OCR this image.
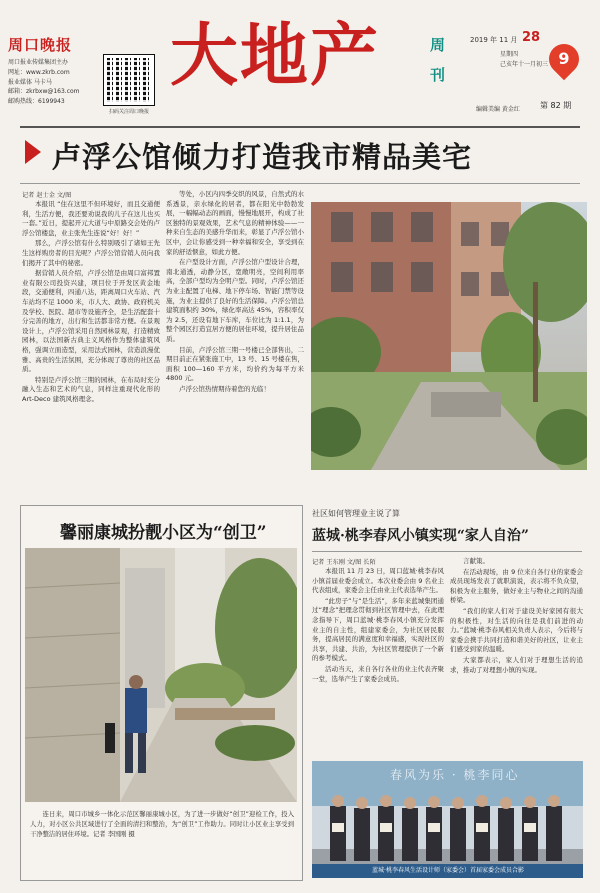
周口晚报
周口报业传媒集团主办
网址：www.zkrb.com
报业媒体 马卡马
邮箱：zkrbxw@163.com
邮购热线：6199943
扫码关注周口晚报
大地产	周刊
2019 年 11 月 28
星期四
己亥年十一月初三 9
编辑美编 黄金红	第 82 期
卢浮公馆倾力打造我市精品美宅
记者 赵士金 文/图

本报讯 “住在这里不但环境好，而且交通便利，生活方便，我还要劝说我的儿子在这儿也买一套。”近日，提起开元大道与中原路交会处的卢浮公馆楼盘，业主张先生连说“好！好！”

那么，卢浮公馆有什么特别吸引了诸如王先生这样购房者的目光呢？卢浮公馆营销人员向我们揭开了其中的秘密。

据营销人员介绍，卢浮公馆是由周口富邦置业有限公司投资兴建，项目位于开发区黄金地段，交通便利，四通八达，距离周口火车站、汽车站均不足 1000 米，市人大、政协、政府机关及学校、医院、超市等设施齐全，是生活配套十分完善的地方，出行和生活都非常方便。在景观设计上，卢浮公馆采用自然园林景观，打造精致园林，以法国新古典主义风格作为整体建筑风格，强调立面造型，采用法式园林，营造浪漫优雅、高贵的生活氛围，充分体现了尊贵的社区品质。

特别是卢浮公馆三期的园林，在布局时充分融入生态和艺术的气息，同样注重现代化形的 Art-Deco 建筑风格理念。

等处，小区内四季交织的风景，自然式的水系透景，亲水绿化的居者，都在阳光中勃勃发展，一幅幅动态的画面，慢慢地展开，构成了社区独特的景观效果，艺术气息的精神体验——一种来自生态的美感升华而来，彰显了卢浮公馆小区中，会让你感受到一种幸福和安全，享受到在家的舒适惬意，如此方便。

在户型设计方面，卢浮公馆户型设计合理，南北通透，动静分区，宽敞明亮，空间利用率高，全部户型均为全明户型。同时，卢浮公馆还为业主配置了电梯、地下停车场、智能门禁等设施，为业主提供了良好的生活保障。卢浮公馆总建筑面积约 30%，绿化率高达 45%，容积率仅为 2.5，还设有地下车库，车位比为 1:1.1，为整个园区打造宜居方便的居住环境，提升居住品质。

目前，卢浮公馆三期一号楼已全部售出，二期目前正在紧张施工中，13 号、15 号楼在售，面积 100—160 平方米，均价约为每平方米 4800 元。

卢浮公馆热情期待着您的光临！

馨丽康城扮靓小区为“创卫”

连日来，周口市城乡一体化示范区馨丽康城小区，为了进一步做好“创卫”迎检工作，投入人力，对小区公共区域进行了全面的清扫和整治，为“创卫”工作助力。同时让小区业主享受到干净整洁的居住环境。记者 李国刚 摄

社区如何管理业主说了算
蓝城·桃李春风小镇实现“家人自治”
记者 王东刚 文/图 长陌

本报讯 11 月 23 日，周口蓝城·桃李春风小镇首届业委会成立。本次业委会由 9 名业主代表组成，家委会主任由业主代表选举产生。

“此房子”与“是生活”，多年来蓝城集团通过“理念”把理念贯彻到社区管理中去，在此理念指导下，周口蓝城·桃李春风小镇充分发挥业主的自主性，组建家委会，为社区居民服务，提高居民的满意度和幸福感，实现社区的共享，共建、共治，为社区管理提供了一个新的参考模式。

活动当天，来自各行各业的业主代表齐聚一堂，选举产生了家委会成员。

言献策。

在活动现场，由 9 位来自各行业的家委会成员现场发表了就职演说，表示将不负众望，积极为业主服务，做好业主与物业之间的沟通桥梁。

“我们的家人们对于建设美好家园有很大的积极性，对生活的向往是我们前进的动力。”蓝城·桃李春风相关负责人表示，今后将与家委会携手共同打造和谐美好的社区，让业主们感受到家的温暖。

大家都表示，家人们对于理想生活的追求，推动了对理想小镇的实现。

春风为乐 · 桃李同心
蓝城·桃李春风生活设计师（家委会）首届家委会成员合影
